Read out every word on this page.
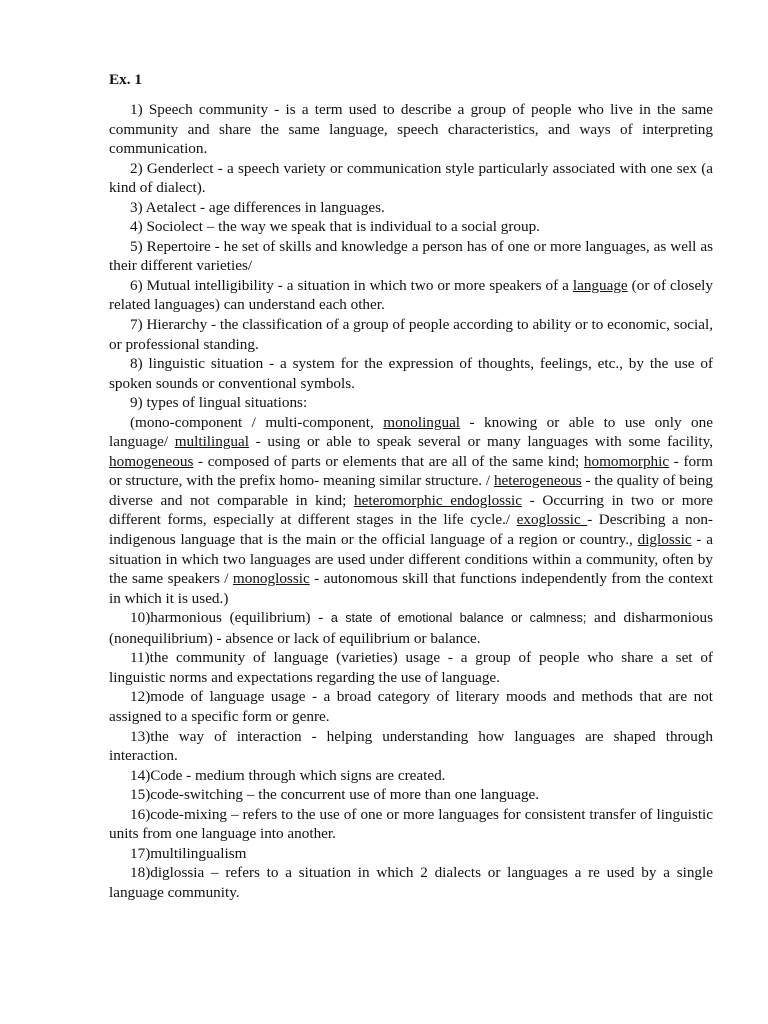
Ex. 1

1) Speech community - is a term used to describe a group of people who live in the same community and share the same language, speech characteristics, and ways of interpreting communication.

2) Genderlect - a speech variety or communication style particularly associated with one sex (a kind of dialect).

3) Aetalect - age differences in languages.

4) Sociolect – the way we speak that is individual to a social group.

5) Repertoire - he set of skills and knowledge a person has of one or more languages, as well as their different varieties/

6) Mutual intelligibility - a situation in which two or more speakers of a language (or of closely related languages) can understand each other.

7) Hierarchy - the classification of a group of people according to ability or to economic, social, or professional standing.

8) linguistic situation - a system for the expression of thoughts, feelings, etc., by the use of spoken sounds or conventional symbols.

9) types of lingual situations:

(mono-component / multi-component, monolingual - knowing or able to use only one language/ multilingual - using or able to speak several or many languages with some facility, homogeneous - composed of parts or elements that are all of the same kind; homomorphic - form or structure, with the prefix homo- meaning similar structure. / heterogeneous - the quality of being diverse and not comparable in kind; heteromorphic endoglossic - Occurring in two or more different forms, especially at different stages in the life cycle./ exoglossic - Describing a non-indigenous language that is the main or the official language of a region or country., diglossic - a situation in which two languages are used under different conditions within a community, often by the same speakers / monoglossic - autonomous skill that functions independently from the context in which it is used.)

10)harmonious (equilibrium) - a state of emotional balance or calmness; and disharmonious (nonequilibrium) - absence or lack of equilibrium or balance.

11)the community of language (varieties) usage - a group of people who share a set of linguistic norms and expectations regarding the use of language.

12)mode of language usage - a broad category of literary moods and methods that are not assigned to a specific form or genre.

13)the way of interaction - helping understanding how languages are shaped through interaction.

14)Code - medium through which signs are created.

15)code-switching – the concurrent use of more than one language.

16)code-mixing – refers to the use of one or more languages for consistent transfer of linguistic units from one language into another.

17)multilingualism

18)diglossia – refers to a situation in which 2 dialects or languages a re used by a single language community.
